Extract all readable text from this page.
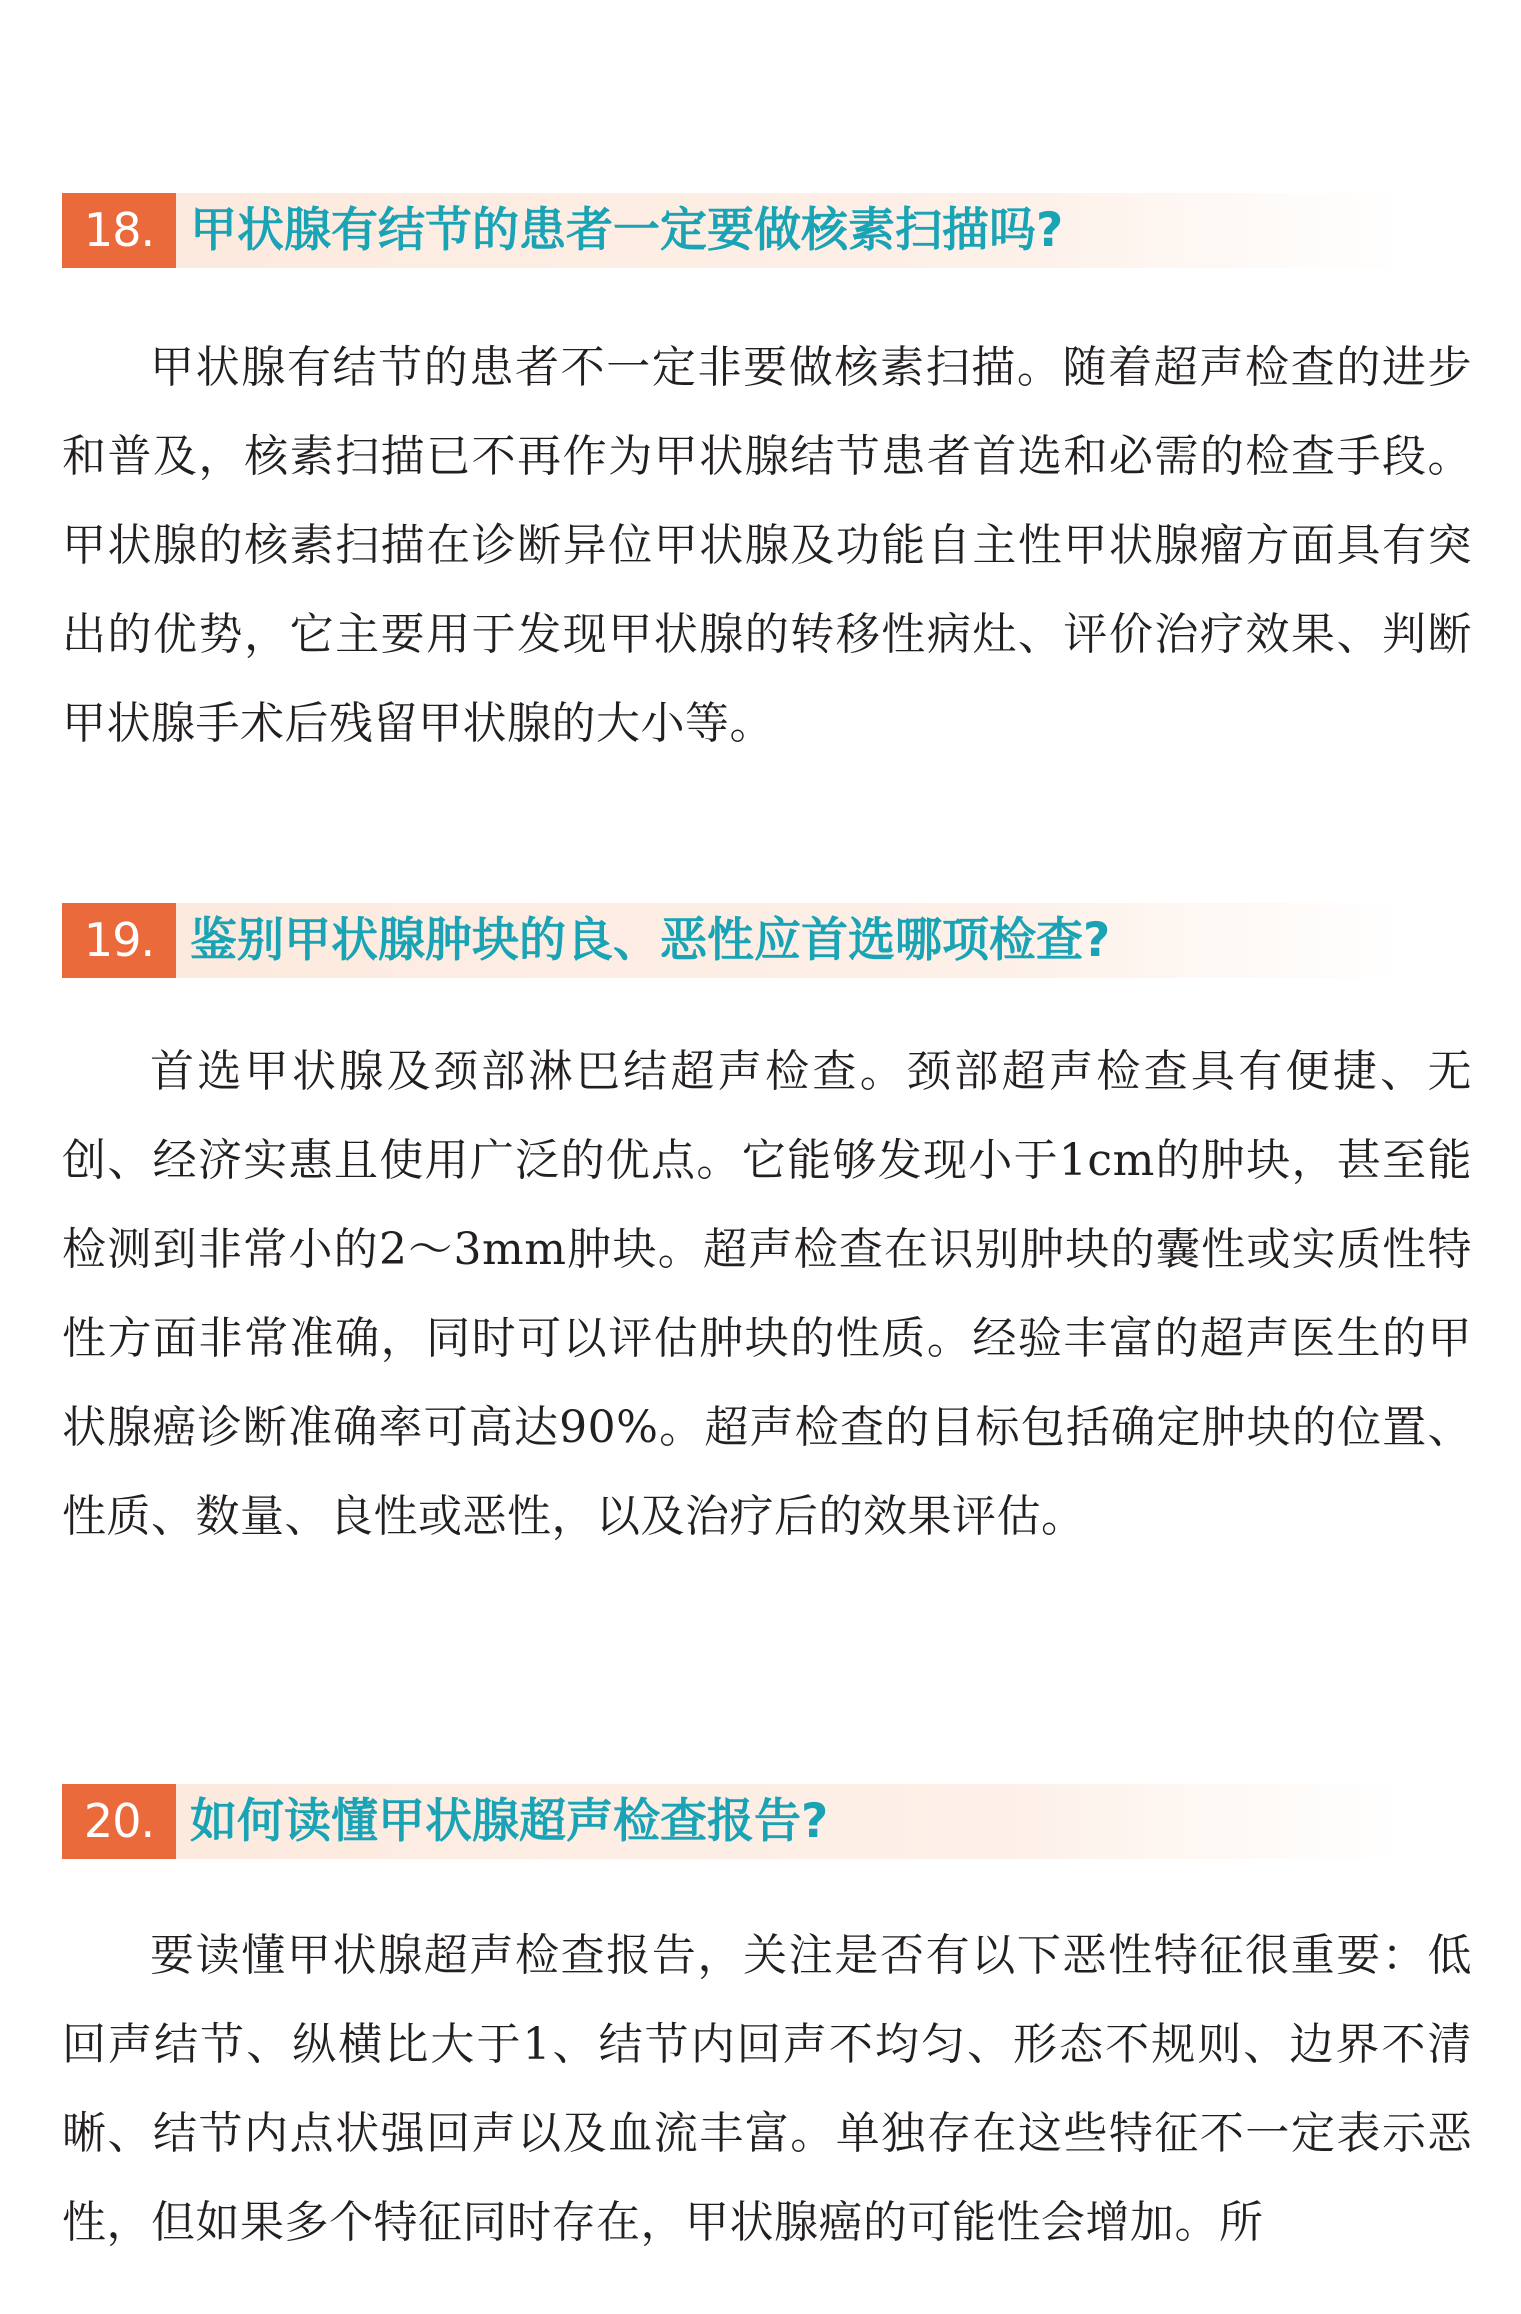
18. 甲状腺有结节的患者一定要做核素扫描吗?

甲状腺有结节的患者不一定非要做核素扫描。随着超声检查的进步和普及，核素扫描已不再作为甲状腺结节患者首选和必需的检查手段。甲状腺的核素扫描在诊断异位甲状腺及功能自主性甲状腺瘤方面具有突出的优势，它主要用于发现甲状腺的转移性病灶、评价治疗效果、判断甲状腺手术后残留甲状腺的大小等。

19. 鉴别甲状腺肿块的良、恶性应首选哪项检查?

首选甲状腺及颈部淋巴结超声检查。颈部超声检查具有便捷、无创、经济实惠且使用广泛的优点。它能够发现小于1cm的肿块，甚至能检测到非常小的2～3mm肿块。超声检查在识别肿块的囊性或实质性特性方面非常准确，同时可以评估肿块的性质。经验丰富的超声医生的甲状腺癌诊断准确率可高达90%。超声检查的目标包括确定肿块的位置、性质、数量、良性或恶性，以及治疗后的效果评估。

20. 如何读懂甲状腺超声检查报告?

要读懂甲状腺超声检查报告，关注是否有以下恶性特征很重要：低回声结节、纵横比大于1、结节内回声不均匀、形态不规则、边界不清晰、结节内点状强回声以及血流丰富。单独存在这些特征不一定表示恶性，但如果多个特征同时存在，甲状腺癌的可能性会增加。所
